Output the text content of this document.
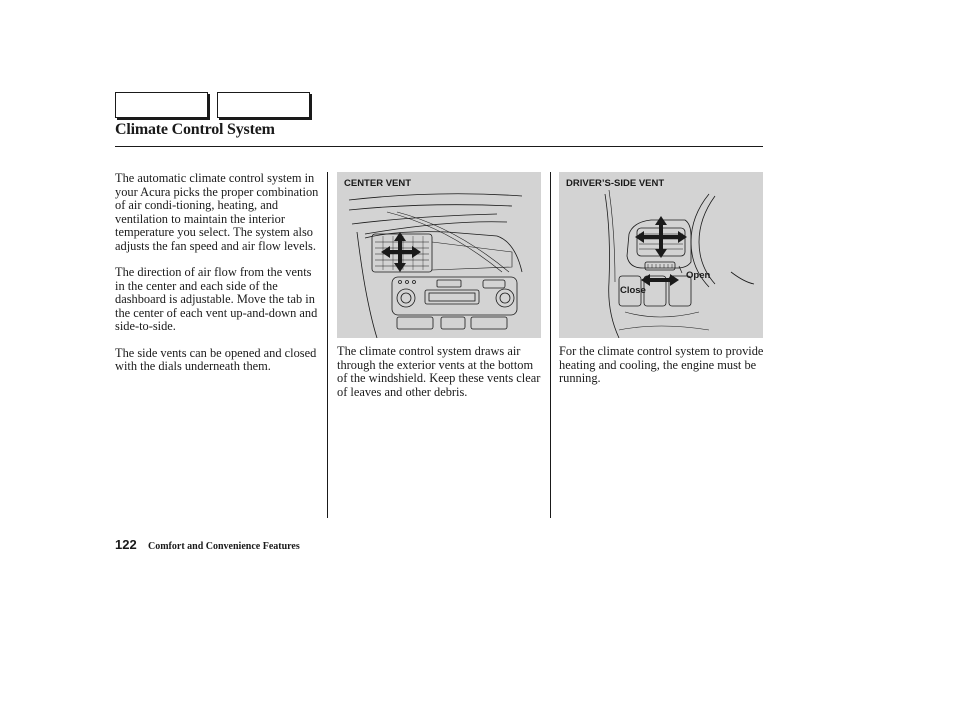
Climate Control System

The automatic climate control system in your Acura picks the proper combination of air condi-tioning, heating, and ventilation to maintain the interior temperature you select. The system also adjusts the fan speed and air flow levels.

The direction of air flow from the vents in the center and each side of the dashboard is adjustable. Move the tab in the center of each vent up-and-down and side-to-side.

The side vents can be opened and closed with the dials underneath them.

CENTER VENT	DRIVER’S-SIDE VENT
Open
Close

The climate control system draws air through the exterior vents at the bottom of the windshield. Keep these vents clear of leaves and other debris.

For the climate control system to provide heating and cooling, the engine must be running.

122 Comfort and Convenience Features
